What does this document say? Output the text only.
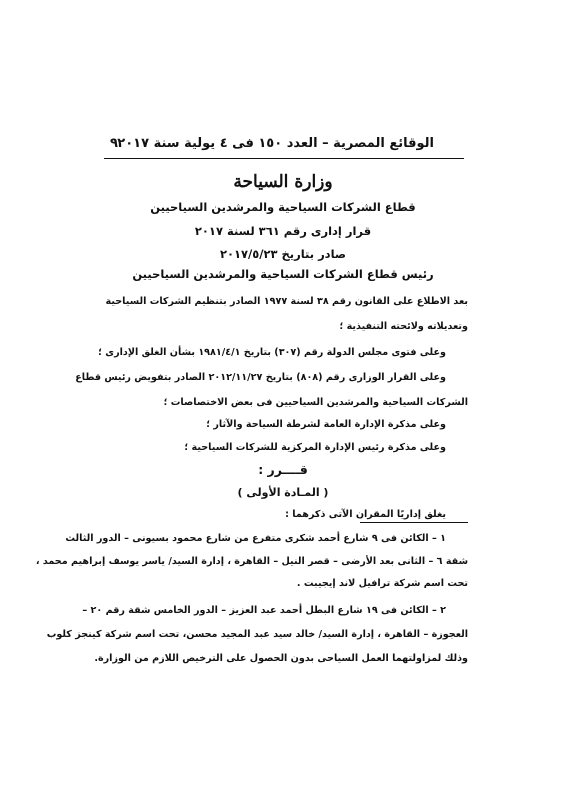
الوقائع المصرية – العدد ١٥٠ فى ٤ يولية سنة ٢٠١٧
٩
وزارة السياحة
قطاع الشركات السياحية والمرشدين السياحيين
قرار إدارى رقم ٣٦١ لسنة ٢٠١٧
صادر بتاريخ ٢٠١٧/٥/٢٣
رئيس قطاع الشركات السياحية والمرشدين السياحيين
بعد الاطلاع على القانون رقم ٣٨ لسنة ١٩٧٧ الصادر بتنظيم الشركات السياحية
وتعديلاته ولائحته التنفيذية ؛
وعلى فتوى مجلس الدولة رقم (٣٠٧) بتاريخ ١٩٨١/٤/١ بشأن الغلق الإدارى ؛
وعلى القرار الوزارى رقم (٨٠٨) بتاريخ ٢٠١٢/١١/٢٧ الصادر بتفويض رئيس قطاع
الشركات السياحية والمرشدين السياحيين فى بعض الاختصاصات ؛
وعلى مذكرة الإدارة العامة لشرطة السياحة والآثار ؛
وعلى مذكرة رئيس الإدارة المركزية للشركات السياحية ؛
قــــرر :
( المـادة الأولى )
يغلق إداريًا المقران الآتى ذكرهما :
١ – الكائن فى ٩ شارع أحمد شكرى متفرع من شارع محمود بسيونى – الدور الثالث
شقة ٦ – الثانى بعد الأرضى – قصر النيل – القاهرة ، إدارة السيد/ ياسر يوسف إبراهيم محمد ،
تحت اسم شركة ترافيل لاند إيجيبت .
٢ – الكائن فى ١٩ شارع البطل أحمد عبد العزيز – الدور الخامس شقة رقم ٢٠ –
العجوزة – القاهرة ، إدارة السيد/ خالد سيد عبد المجيد محسن، تحت اسم شركة كينجز كلوب
وذلك لمزاولتهما العمل السياحى بدون الحصول على الترخيص اللازم من الوزارة.
